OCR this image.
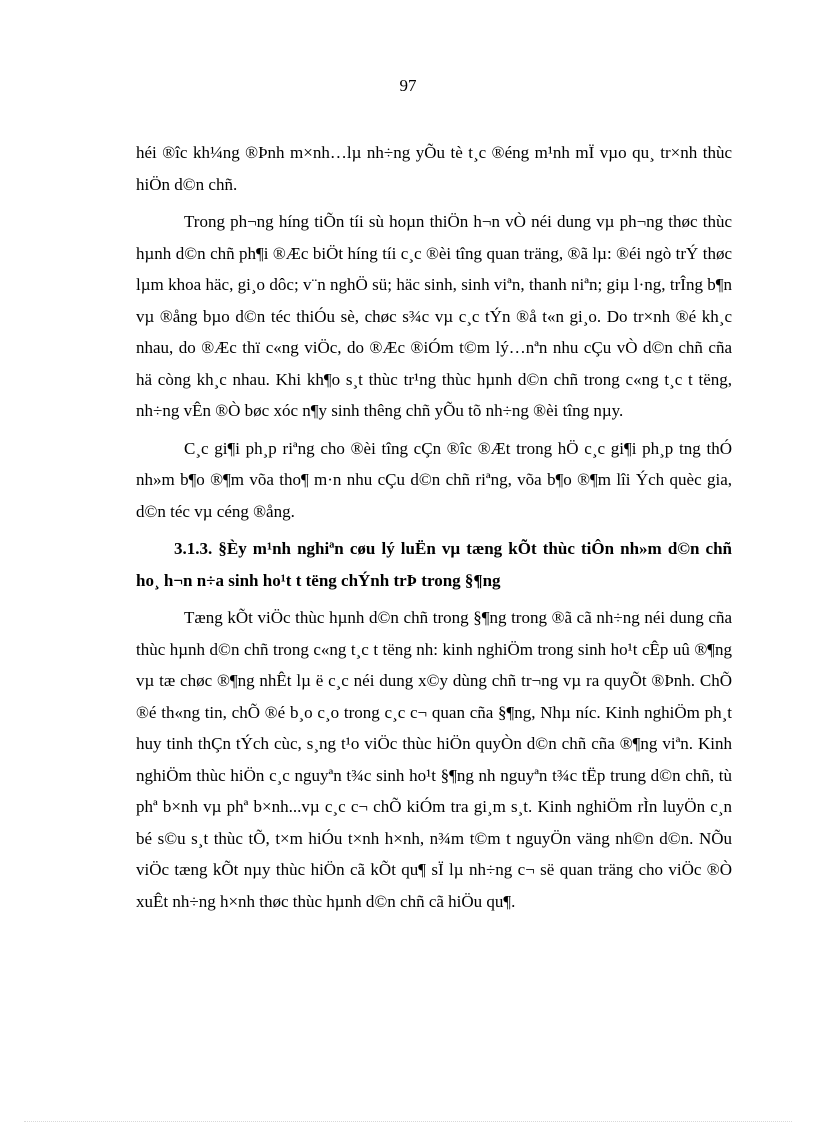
97

héi ®îc kh¼ng ®Þnh m×nh…lµ nh÷ng yÕu tè t¸c ®éng m¹nh mÏ vµo qu¸ tr×nh thùc hiÖn d©n chñ.

Trong ph¬ng híng tiÕn tíi sù hoµn thiÖn h¬n vÒ néi dung vµ ph¬ng thøc thùc hµnh d©n chñ ph¶i ®Æc biÖt híng tíi c¸c ®èi tîng quan träng, ®ã lµ: ®éi ngò trÝ thøc lµm khoa häc, gi¸o dôc; v¨n nghÖ sü; häc sinh, sinh viªn, thanh niªn; giµ l·ng, trÎng b¶n vµ ®ång bµo d©n téc thiÓu sè, chøc s¾c vµ c¸c tÝn ®å t«n gi¸o. Do tr×nh ®é kh¸c nhau, do ®Æc thï c«ng viÖc, do ®Æc ®iÓm t©m lý…nªn nhu cÇu vÒ d©n chñ cña hä còng kh¸c nhau. Khi kh¶o s¸t thùc tr¹ng thùc hµnh d©n chñ trong c«ng t¸c t tëng, nh÷ng vÊn ®Ò bøc xóc n¶y sinh thêng chñ yÕu tõ nh÷ng ®èi tîng nµy.

C¸c gi¶i ph¸p riªng cho ®èi tîng cÇn ®îc ®Æt trong hÖ c¸c gi¶i ph¸p tng thÓ nh»m b¶o ®¶m võa tho¶ m·n nhu cÇu d©n chñ riªng, võa b¶o ®¶m lîi Ých quèc gia, d©n téc vµ céng ®ång.

3.1.3. §Èy m¹nh nghiªn cøu lý luËn vµ tæng kÕt thùc tiÔn nh»m d©n chñ ho¸ h¬n n÷a sinh ho¹t t tëng chÝnh trÞ trong §¶ng

Tæng kÕt viÖc thùc hµnh d©n chñ trong §¶ng trong ®ã cã nh÷ng néi dung cña thùc hµnh d©n chñ trong c«ng t¸c t tëng nh: kinh nghiÖm trong sinh ho¹t cÊp uû ®¶ng vµ tæ chøc ®¶ng nhÊt lµ ë c¸c néi dung x©y dùng chñ tr¬ng vµ ra quyÕt ®Þnh. ChÕ ®é th«ng tin, chÕ ®é b¸o c¸o trong c¸c c¬ quan cña §¶ng, Nhµ níc. Kinh nghiÖm ph¸t huy tinh thÇn tÝch cùc, s¸ng t¹o viÖc thùc hiÖn quyÒn d©n chñ cña ®¶ng viªn. Kinh nghiÖm thùc hiÖn c¸c nguyªn t¾c sinh ho¹t §¶ng nh nguyªn t¾c tËp trung d©n chñ, tù phª b×nh vµ phª b×nh...vµ c¸c c¬ chÕ kiÓm tra gi¸m s¸t. Kinh nghiÖm rÌn luyÖn c¸n bé s©u s¸t thùc tÕ, t×m hiÓu t×nh h×nh, n¾m t©m t nguyÖn väng nh©n d©n. NÕu viÖc tæng kÕt nµy thùc hiÖn cã kÕt qu¶ sÏ lµ nh÷ng c¬ së quan träng cho viÖc ®Ò xuÊt nh÷ng h×nh thøc thùc hµnh d©n chñ cã hiÖu qu¶.
